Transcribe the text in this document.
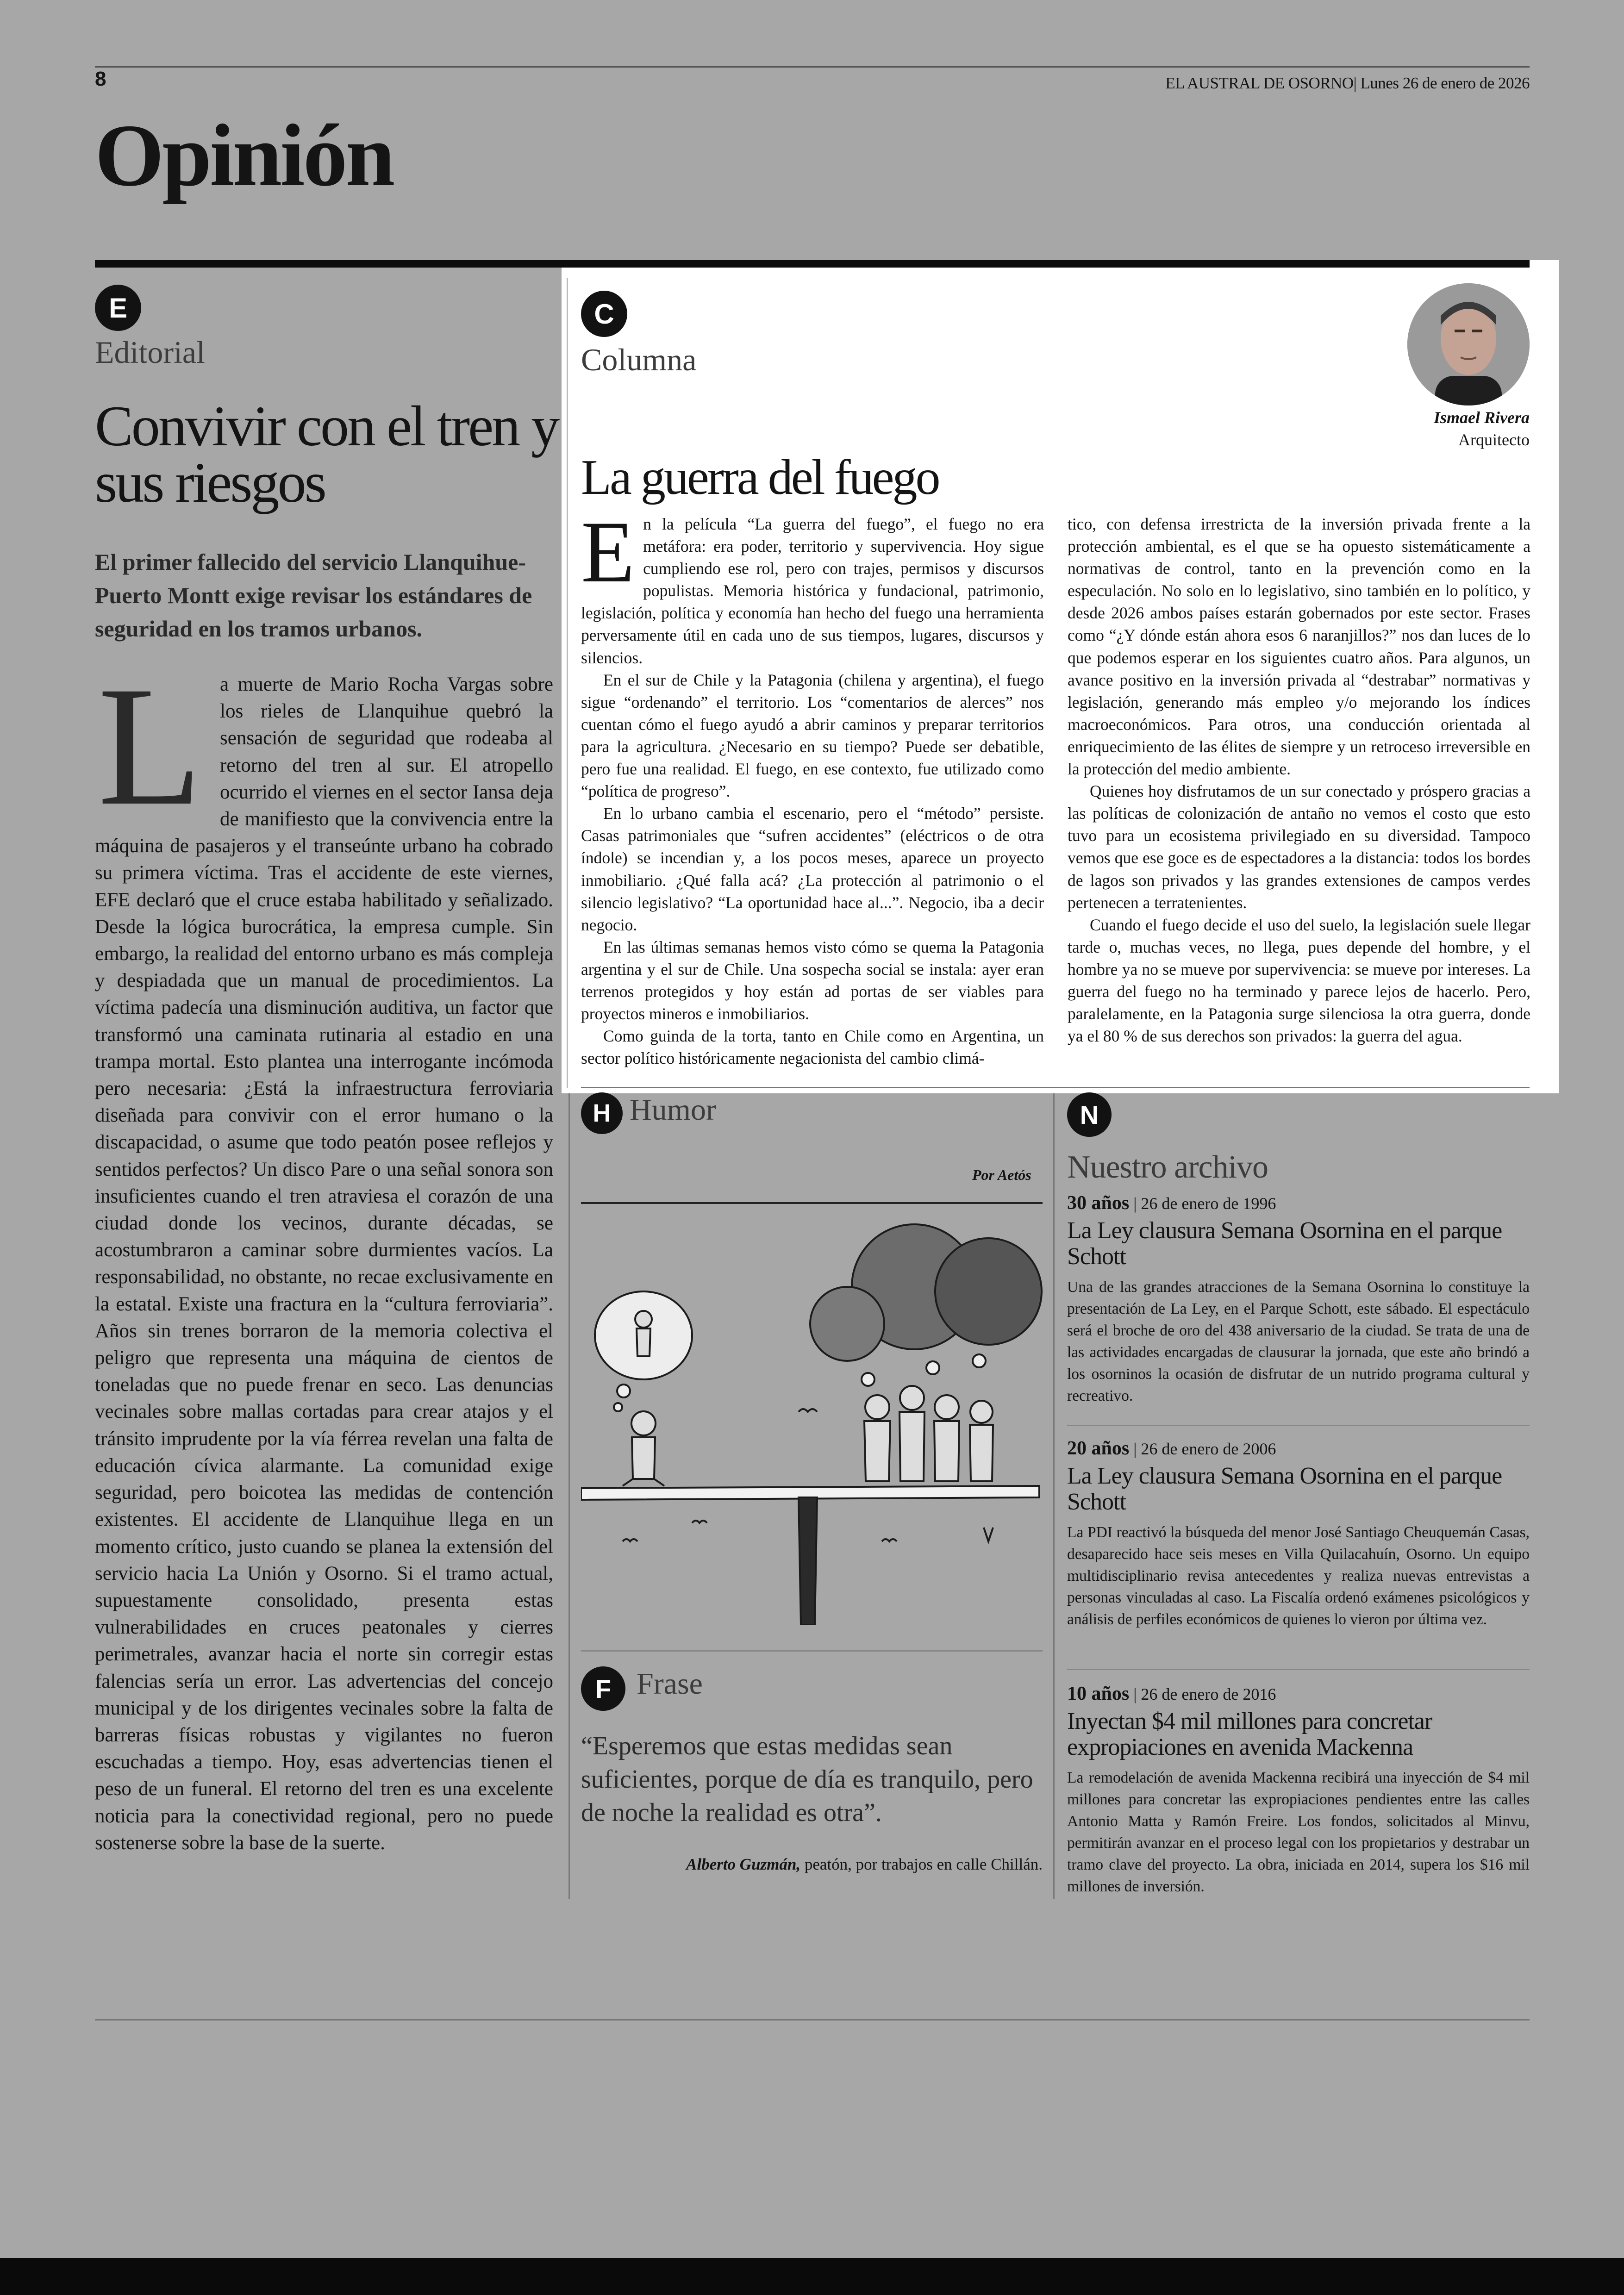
8	EL AUSTRAL DE OSORNO| Lunes 26 de enero de 2026
Opinión
E
Editorial
Convivir con el tren y sus riesgos
El primer fallecido del servicio Llanquihue-Puerto Montt exige revisar los estándares de seguridad en los tramos urbanos.
La muerte de Mario Rocha Vargas sobre los rieles de Llanquihue quebró la sensación de seguridad que rodeaba al retorno del tren al sur. El atropello ocurrido el viernes en el sector Iansa deja de manifiesto que la convivencia entre la máquina de pasajeros y el transeúnte urbano ha cobrado su primera víctima. Tras el accidente de este viernes, EFE declaró que el cruce estaba habilitado y señalizado. Desde la lógica burocrática, la empresa cumple. Sin embargo, la realidad del entorno urbano es más compleja y despiadada que un manual de procedimientos. La víctima padecía una disminución auditiva, un factor que transformó una caminata rutinaria al estadio en una trampa mortal. Esto plantea una interrogante incómoda pero necesaria: ¿Está la infraestructura ferroviaria diseñada para convivir con el error humano o la discapacidad, o asume que todo peatón posee reflejos y sentidos perfectos? Un disco Pare o una señal sonora son insuficientes cuando el tren atraviesa el corazón de una ciudad donde los vecinos, durante décadas, se acostumbraron a caminar sobre durmientes vacíos. La responsabilidad, no obstante, no recae exclusivamente en la estatal. Existe una fractura en la “cultura ferroviaria”. Años sin trenes borraron de la memoria colectiva el peligro que representa una máquina de cientos de toneladas que no puede frenar en seco. Las denuncias vecinales sobre mallas cortadas para crear atajos y el tránsito imprudente por la vía férrea revelan una falta de educación cívica alarmante. La comunidad exige seguridad, pero boicotea las medidas de contención existentes. El accidente de Llanquihue llega en un momento crítico, justo cuando se planea la extensión del servicio hacia La Unión y Osorno. Si el tramo actual, supuestamente consolidado, presenta estas vulnerabilidades en cruces peatonales y cierres perimetrales, avanzar hacia el norte sin corregir estas falencias sería un error. Las advertencias del concejo municipal y de los dirigentes vecinales sobre la falta de barreras físicas robustas y vigilantes no fueron escuchadas a tiempo. Hoy, esas advertencias tienen el peso de un funeral. El retorno del tren es una excelente noticia para la conectividad regional, pero no puede sostenerse sobre la base de la suerte.
C
Columna
Ismael Rivera
Arquitecto
La guerra del fuego

En la película “La guerra del fuego”, el fuego no era metáfora: era poder, territorio y supervivencia. Hoy sigue cumpliendo ese rol, pero con trajes, permisos y discursos populistas. Memoria histórica y fundacional, patrimonio, legislación, política y economía han hecho del fuego una herramienta perversamente útil en cada uno de sus tiempos, lugares, discursos y silencios.

En el sur de Chile y la Patagonia (chilena y argentina), el fuego sigue “ordenando” el territorio. Los “comentarios de alerces” nos cuentan cómo el fuego ayudó a abrir caminos y preparar territorios para la agricultura. ¿Necesario en su tiempo? Puede ser debatible, pero fue una realidad. El fuego, en ese contexto, fue utilizado como “política de progreso”.

En lo urbano cambia el escenario, pero el “método” persiste. Casas patrimoniales que “sufren accidentes” (eléctricos o de otra índole) se incendian y, a los pocos meses, aparece un proyecto inmobiliario. ¿Qué falla acá? ¿La protección al patrimonio o el silencio legislativo? “La oportunidad hace al...”. Negocio, iba a decir negocio.

En las últimas semanas hemos visto cómo se quema la Patagonia argentina y el sur de Chile. Una sospecha social se instala: ayer eran terrenos protegidos y hoy están ad portas de ser viables para proyectos mineros e inmobiliarios.

Como guinda de la torta, tanto en Chile como en Argentina, un sector político históricamente negacionista del cambio climá-

tico, con defensa irrestricta de la inversión privada frente a la protección ambiental, es el que se ha opuesto sistemáticamente a normativas de control, tanto en la prevención como en la especulación. No solo en lo legislativo, sino también en lo político, y desde 2026 ambos países estarán gobernados por este sector. Frases como “¿Y dónde están ahora esos 6 naranjillos?” nos dan luces de lo que podemos esperar en los siguientes cuatro años. Para algunos, un avance positivo en la inversión privada al “destrabar” normativas y legislación, generando más empleo y/o mejorando los índices macroeconómicos. Para otros, una conducción orientada al enriquecimiento de las élites de siempre y un retroceso irreversible en la protección del medio ambiente.

Quienes hoy disfrutamos de un sur conectado y próspero gracias a las políticas de colonización de antaño no vemos el costo que esto tuvo para un ecosistema privilegiado en su diversidad. Tampoco vemos que ese goce es de espectadores a la distancia: todos los bordes de lagos son privados y las grandes extensiones de campos verdes pertenecen a terratenientes.

Cuando el fuego decide el uso del suelo, la legislación suele llegar tarde o, muchas veces, no llega, pues depende del hombre, y el hombre ya no se mueve por supervivencia: se mueve por intereses. La guerra del fuego no ha terminado y parece lejos de hacerlo. Pero, paralelamente, en la Patagonia surge silenciosa la otra guerra, donde ya el 80 % de sus derechos son privados: la guerra del agua.

H Humor
Por Aetós
F Frase
“Esperemos que estas medidas sean suficientes, porque de día es tranquilo, pero de noche la realidad es otra”.
Alberto Guzmán, peatón, por trabajos en calle Chillán.
N
Nuestro archivo
30 años | 26 de enero de 1996
La Ley clausura Semana Osornina en el parque Schott
Una de las grandes atracciones de la Semana Osornina lo constituye la presentación de La Ley, en el Parque Schott, este sábado. El espectáculo será el broche de oro del 438 aniversario de la ciudad. Se trata de una de las actividades encargadas de clausurar la jornada, que este año brindó a los osorninos la ocasión de disfrutar de un nutrido programa cultural y recreativo.
20 años | 26 de enero de 2006
La Ley clausura Semana Osornina en el parque Schott
La PDI reactivó la búsqueda del menor José Santiago Cheuquemán Casas, desaparecido hace seis meses en Villa Quilacahuín, Osorno. Un equipo multidisciplinario revisa antecedentes y realiza nuevas entrevistas a personas vinculadas al caso. La Fiscalía ordenó exámenes psicológicos y análisis de perfiles económicos de quienes lo vieron por última vez.
10 años | 26 de enero de 2016
Inyectan $4 mil millones para concretar expropiaciones en avenida Mackenna
La remodelación de avenida Mackenna recibirá una inyección de $4 mil millones para concretar las expropiaciones pendientes entre las calles Antonio Matta y Ramón Freire. Los fondos, solicitados al Minvu, permitirán avanzar en el proceso legal con los propietarios y destrabar un tramo clave del proyecto. La obra, iniciada en 2014, supera los $16 mil millones de inversión.
